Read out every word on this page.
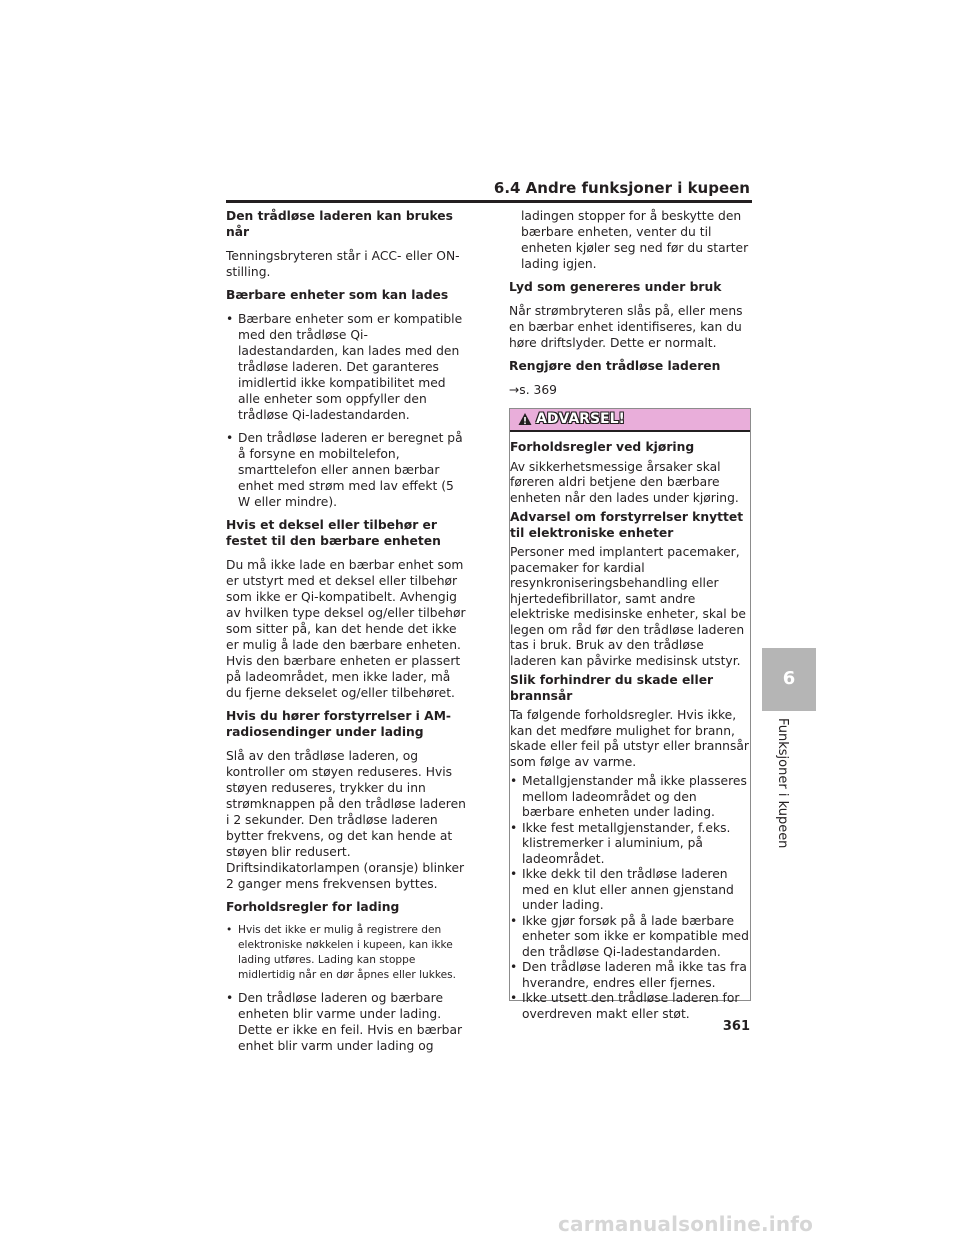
6.4 Andre funksjoner i kupeen
Den trådløse laderen kan brukes når
Tenningsbryteren står i ACC- eller ON-stilling.
Bærbare enheter som kan lades
• Bærbare enheter som er kompatible med den trådløse Qi-ladestandarden, kan lades med den trådløse laderen. Det garanteres imidlertid ikke kompatibilitet med alle enheter som oppfyller den trådløse Qi-ladestandarden.
• Den trådløse laderen er beregnet på å forsyne en mobiltelefon, smarttelefon eller annen bærbar enhet med strøm med lav effekt (5 W eller mindre).
Hvis et deksel eller tilbehør er festet til den bærbare enheten
Du må ikke lade en bærbar enhet som er utstyrt med et deksel eller tilbehør som ikke er Qi-kompatibelt. Avhengig av hvilken type deksel og/eller tilbehør som sitter på, kan det hende det ikke er mulig å lade den bærbare enheten. Hvis den bærbare enheten er plassert på ladeområdet, men ikke lader, må du fjerne dekselet og/eller tilbehøret.
Hvis du hører forstyrrelser i AM-radiosendinger under lading
Slå av den trådløse laderen, og kontroller om støyen reduseres. Hvis støyen reduseres, trykker du inn strømknappen på den trådløse laderen i 2 sekunder. Den trådløse laderen bytter frekvens, og det kan hende at støyen blir redusert. Driftsindikatorlampen (oransje) blinker 2 ganger mens frekvensen byttes.
Forholdsregler for lading
• Hvis det ikke er mulig å registrere den elektroniske nøkkelen i kupeen, kan ikke lading utføres. Lading kan stoppe midlertidig når en dør åpnes eller lukkes.
• Den trådløse laderen og bærbare enheten blir varme under lading. Dette er ikke en feil. Hvis en bærbar enhet blir varm under lading og
ladingen stopper for å beskytte den bærbare enheten, venter du til enheten kjøler seg ned før du starter lading igjen.
Lyd som genereres under bruk
Når strømbryteren slås på, eller mens en bærbar enhet identifiseres, kan du høre driftslyder. Dette er normalt.
Rengjøre den trådløse laderen
→s. 369
ADVARSEL!
Forholdsregler ved kjøring
Av sikkerhetsmessige årsaker skal føreren aldri betjene den bærbare enheten når den lades under kjøring.
Advarsel om forstyrrelser knyttet til elektroniske enheter
Personer med implantert pacemaker, pacemaker for kardial resynkroniseringsbehandling eller hjertedefibrillator, samt andre elektriske medisinske enheter, skal be legen om råd før den trådløse laderen tas i bruk. Bruk av den trådløse laderen kan påvirke medisinsk utstyr.
Slik forhindrer du skade eller brannsår
Ta følgende forholdsregler. Hvis ikke, kan det medføre mulighet for brann, skade eller feil på utstyr eller brannsår som følge av varme.
• Metallgjenstander må ikke plasseres mellom ladeområdet og den bærbare enheten under lading.
• Ikke fest metallgjenstander, f.eks. klistremerker i aluminium, på ladeområdet.
• Ikke dekk til den trådløse laderen med en klut eller annen gjenstand under lading.
• Ikke gjør forsøk på å lade bærbare enheter som ikke er kompatible med den trådløse Qi-ladestandarden.
• Den trådløse laderen må ikke tas fra hverandre, endres eller fjernes.
• Ikke utsett den trådløse laderen for overdreven makt eller støt.
6
Funksjoner i kupeen
361
carmanualsonline.info
